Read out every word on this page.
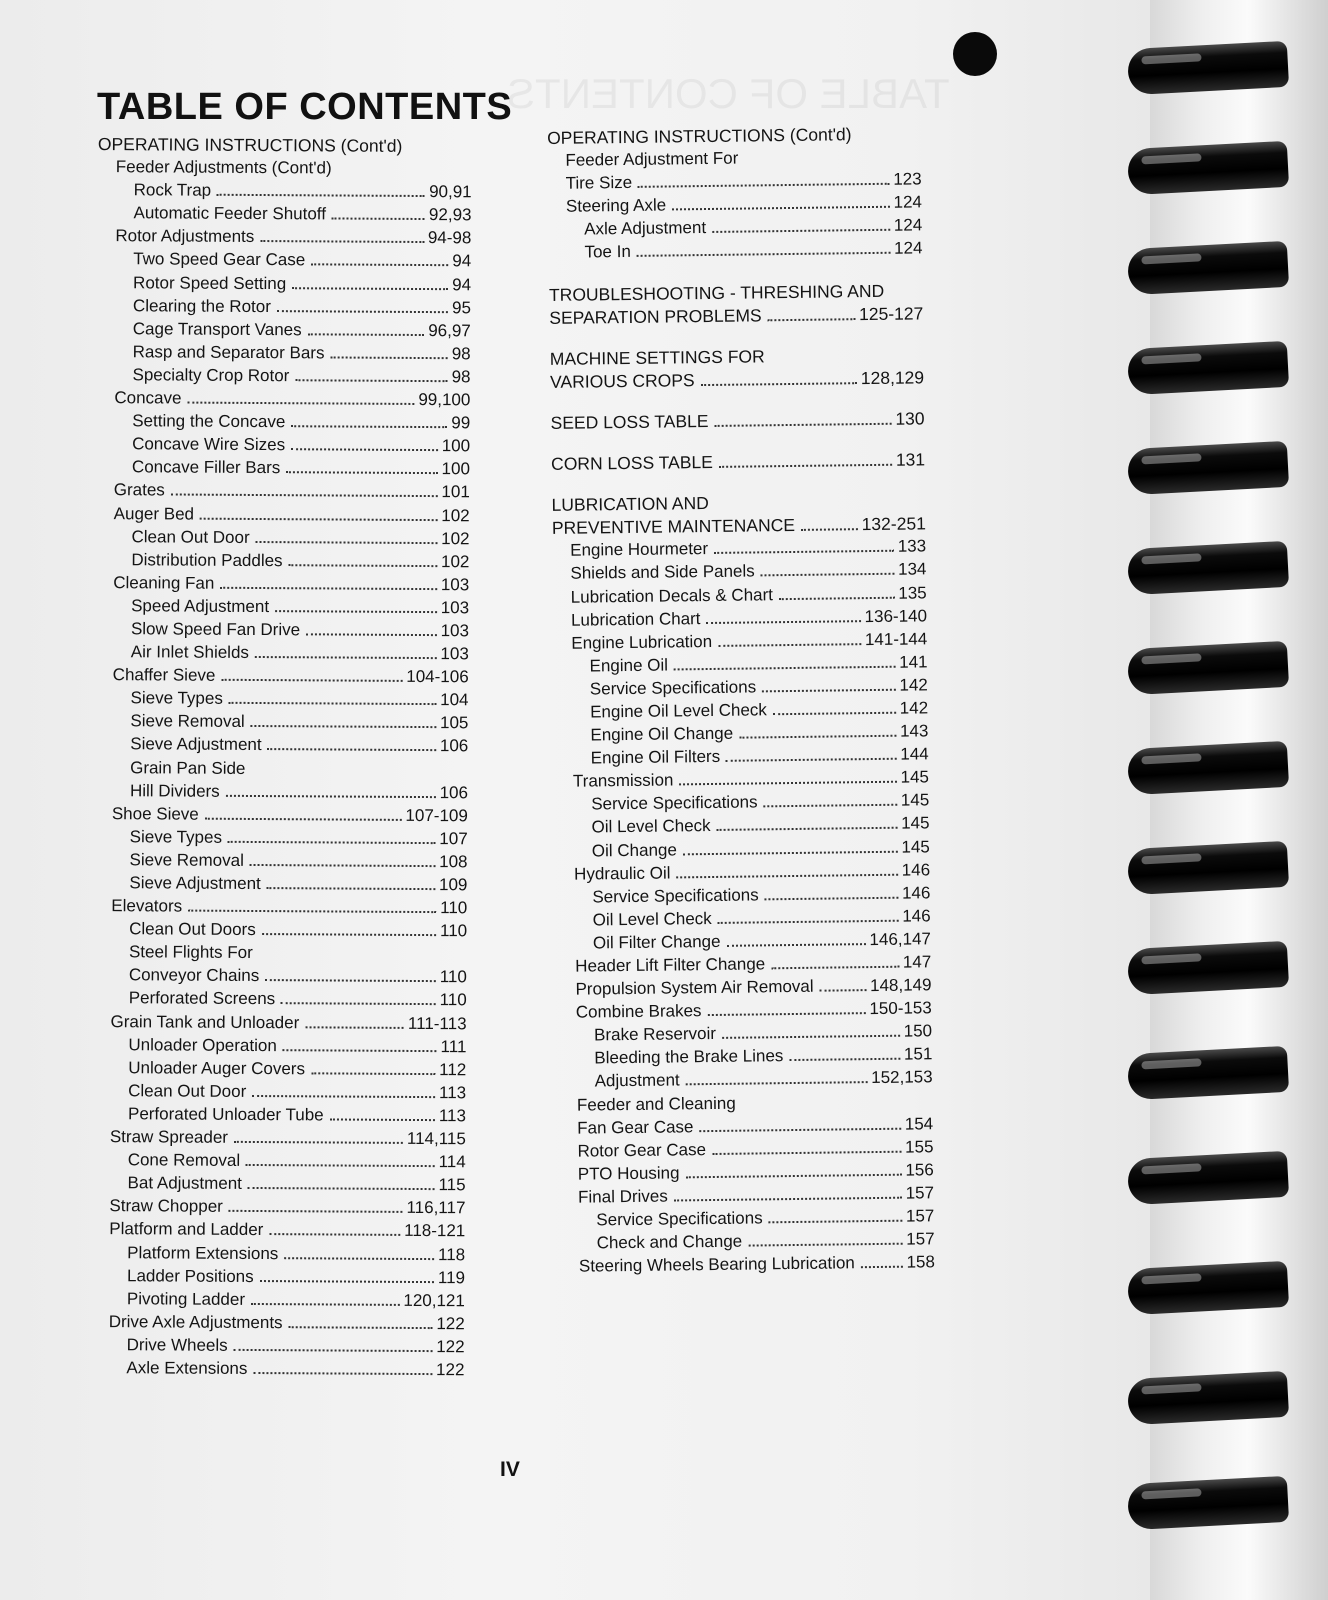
TABLE OF CONTENTS
TABLE OF CONTENTS
OPERATING INSTRUCTIONS (Cont'd)
Feeder Adjustments (Cont'd)
Rock Trap	90,91
Automatic Feeder Shutoff	92,93
Rotor Adjustments	94-98
Two Speed Gear Case	94
Rotor Speed Setting	94
Clearing the Rotor	95
Cage Transport Vanes	96,97
Rasp and Separator Bars	98
Specialty Crop Rotor	98
Concave	99,100
Setting the Concave	99
Concave Wire Sizes	100
Concave Filler Bars	100
Grates	101
Auger Bed	102
Clean Out Door	102
Distribution Paddles	102
Cleaning Fan	103
Speed Adjustment	103
Slow Speed Fan Drive	103
Air Inlet Shields	103
Chaffer Sieve	104-106
Sieve Types	104
Sieve Removal	105
Sieve Adjustment	106
Grain Pan Side
Hill Dividers	106
Shoe Sieve	107-109
Sieve Types	107
Sieve Removal	108
Sieve Adjustment	109
Elevators	110
Clean Out Doors	110
Steel Flights For
Conveyor Chains	110
Perforated Screens	110
Grain Tank and Unloader	111-113
Unloader Operation	111
Unloader Auger Covers	112
Clean Out Door	113
Perforated Unloader Tube	113
Straw Spreader	114,115
Cone Removal	114
Bat Adjustment	115
Straw Chopper	116,117
Platform and Ladder	118-121
Platform Extensions	118
Ladder Positions	119
Pivoting Ladder	120,121
Drive Axle Adjustments	122
Drive Wheels	122
Axle Extensions	122
OPERATING INSTRUCTIONS (Cont'd)
Feeder Adjustment For
Tire Size	123
Steering Axle	124
Axle Adjustment	124
Toe In	124
TROUBLESHOOTING - THRESHING AND
SEPARATION PROBLEMS	125-127
MACHINE SETTINGS FOR
VARIOUS CROPS	128,129
SEED LOSS TABLE	130
CORN LOSS TABLE	131
LUBRICATION AND
PREVENTIVE MAINTENANCE	132-251
Engine Hourmeter	133
Shields and Side Panels	134
Lubrication Decals & Chart	135
Lubrication Chart	136-140
Engine Lubrication	141-144
Engine Oil	141
Service Specifications	142
Engine Oil Level Check	142
Engine Oil Change	143
Engine Oil Filters	144
Transmission	145
Service Specifications	145
Oil Level Check	145
Oil Change	145
Hydraulic Oil	146
Service Specifications	146
Oil Level Check	146
Oil Filter Change	146,147
Header Lift Filter Change	147
Propulsion System Air Removal	148,149
Combine Brakes	150-153
Brake Reservoir	150
Bleeding the Brake Lines	151
Adjustment	152,153
Feeder and Cleaning
Fan Gear Case	154
Rotor Gear Case	155
PTO Housing	156
Final Drives	157
Service Specifications	157
Check and Change	157
Steering Wheels Bearing Lubrication	158
IV
